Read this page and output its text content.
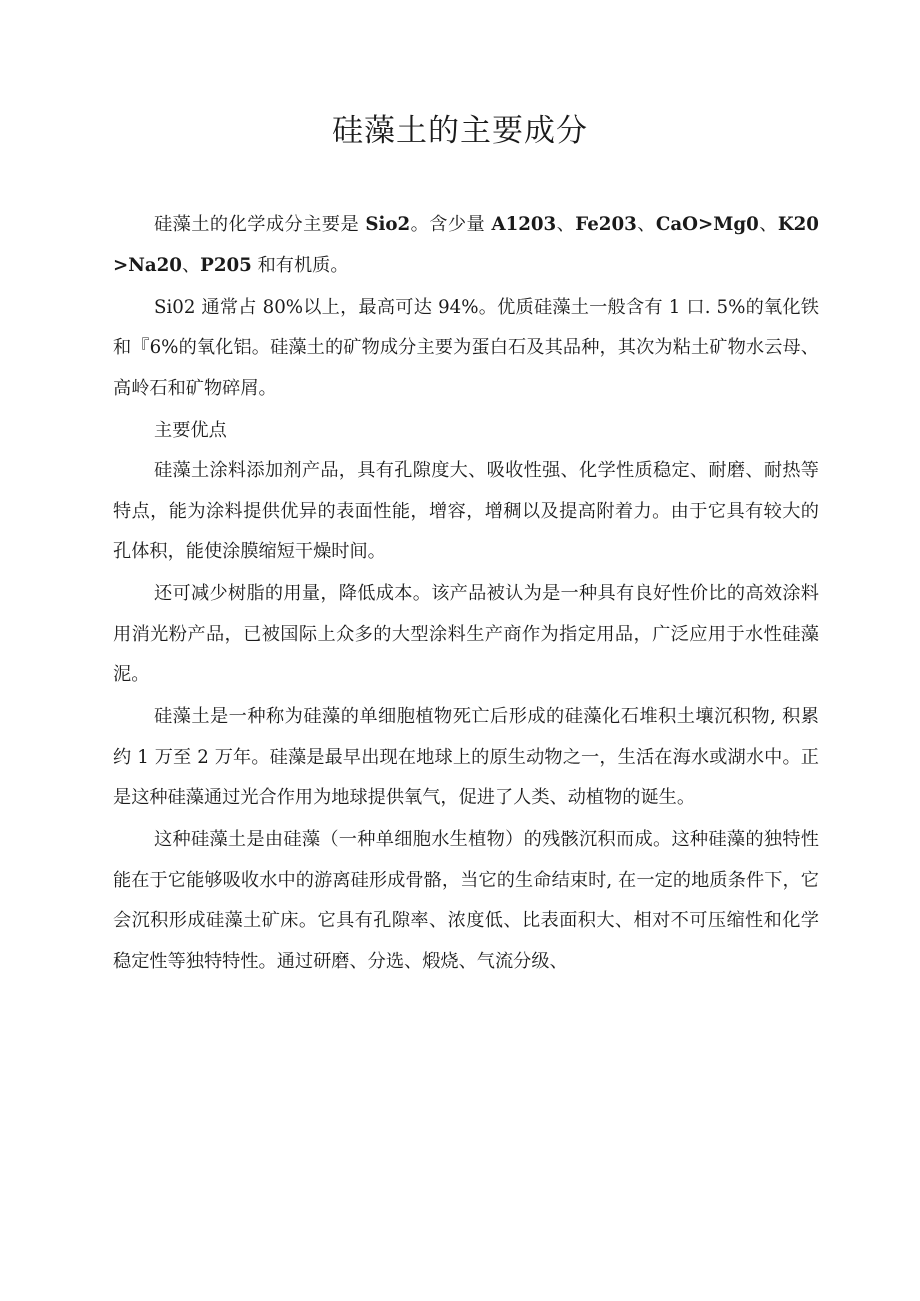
硅藻土的主要成分

硅藻土的化学成分主要是 Sio2。含少量 A1203、Fe203、CaO>Mg0、K20>Na20、P205 和有机质。

Si02 通常占 80%以上，最高可达 94%。优质硅藻土一般含有 1 口. 5%的氧化铁和『6%的氧化铝。硅藻土的矿物成分主要为蛋白石及其品种，其次为粘土矿物水云母、高岭石和矿物碎屑。

主要优点

硅藻土涂料添加剂产品，具有孔隙度大、吸收性强、化学性质稳定、耐磨、耐热等特点，能为涂料提供优异的表面性能，增容，增稠以及提高附着力。由于它具有较大的孔体积，能使涂膜缩短干燥时间。

还可减少树脂的用量，降低成本。该产品被认为是一种具有良好性价比的高效涂料用消光粉产品，已被国际上众多的大型涂料生产商作为指定用品，广泛应用于水性硅藻泥。

硅藻土是一种称为硅藻的单细胞植物死亡后形成的硅藻化石堆积土壤沉积物, 积累约 1 万至 2 万年。硅藻是最早出现在地球上的原生动物之一，生活在海水或湖水中。正是这种硅藻通过光合作用为地球提供氧气，促进了人类、动植物的诞生。

这种硅藻土是由硅藻（一种单细胞水生植物）的残骸沉积而成。这种硅藻的独特性能在于它能够吸收水中的游离硅形成骨骼，当它的生命结束时, 在一定的地质条件下，它会沉积形成硅藻土矿床。它具有孔隙率、浓度低、比表面积大、相对不可压缩性和化学稳定性等独特特性。通过研磨、分选、煅烧、气流分级、
